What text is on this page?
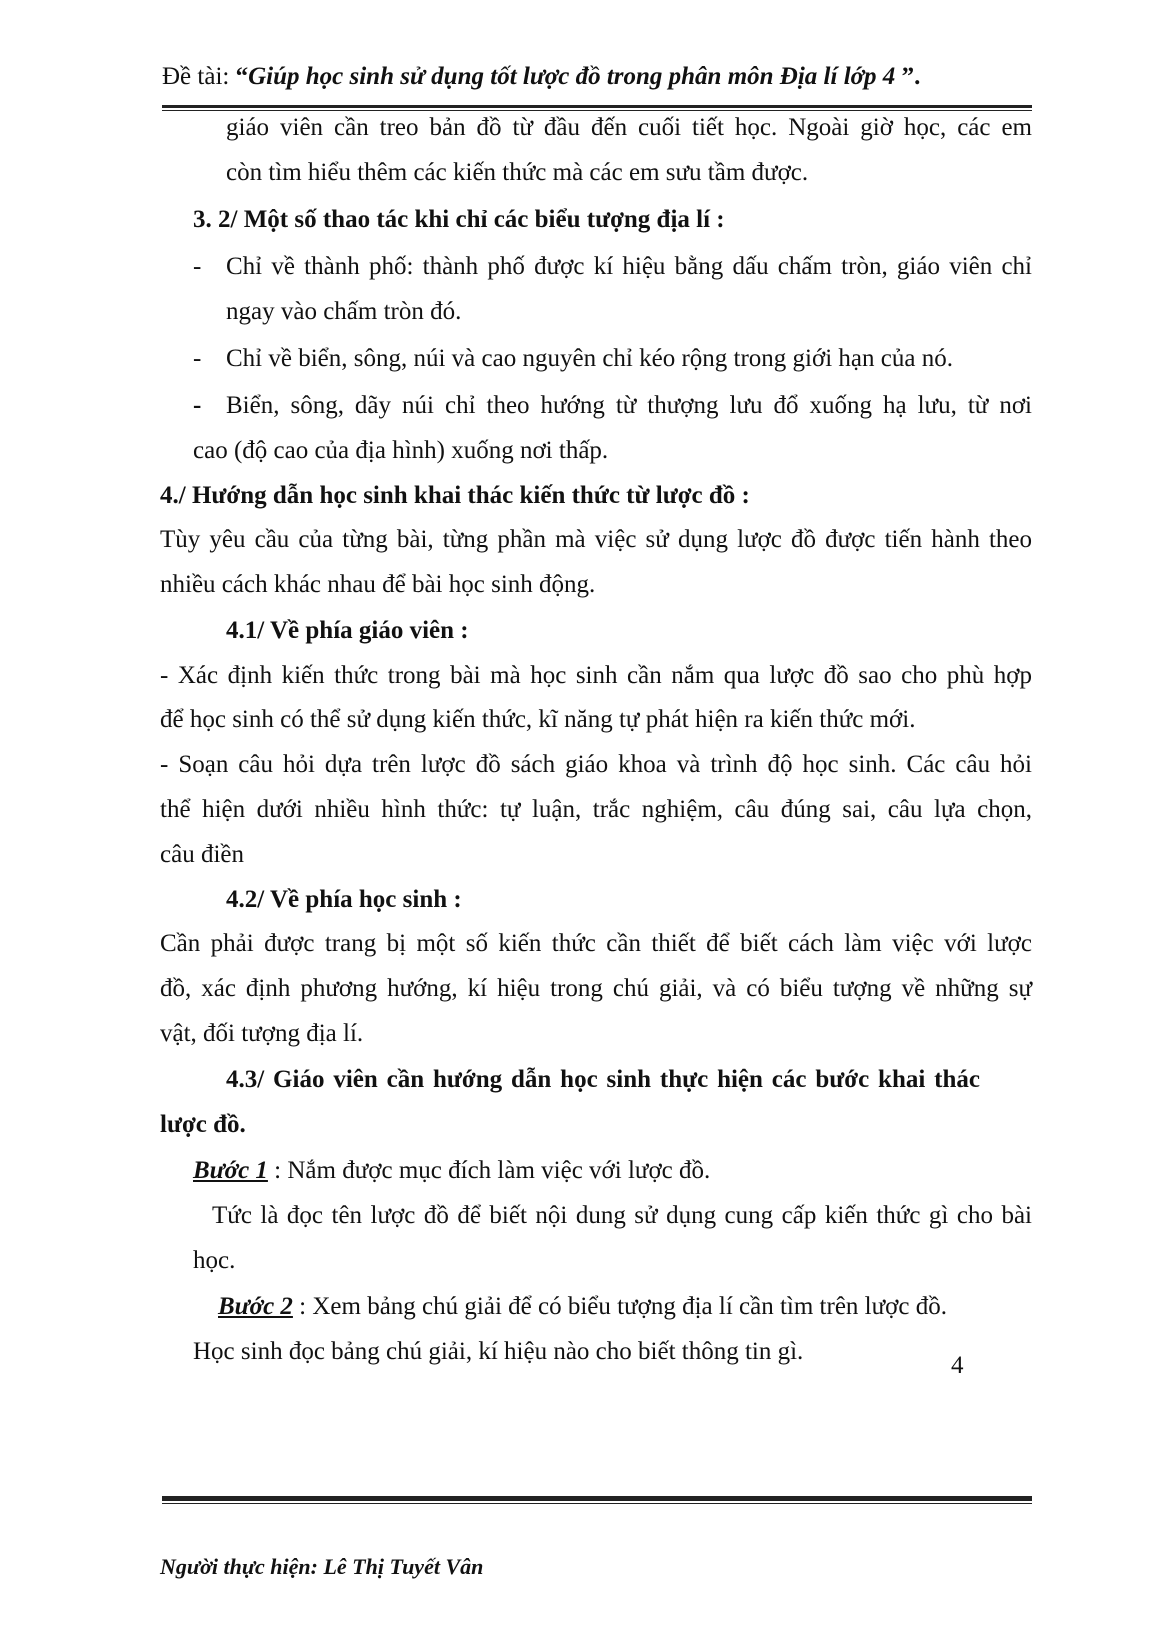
Đề tài: “Giúp học sinh sử dụng tốt lược đồ trong phân môn Địa lí lớp 4 ”.
giáo viên cần treo bản đồ từ đầu đến cuối tiết học. Ngoài giờ học, các em
còn tìm hiểu thêm các kiến thức mà các em sưu tầm được.
3. 2/ Một số thao tác khi chỉ các biểu tượng địa lí :
- Chỉ về thành phố: thành phố được kí hiệu bằng dấu chấm tròn, giáo viên chỉ
ngay vào chấm tròn đó.
- Chỉ về biển, sông, núi và cao nguyên chỉ kéo rộng trong giới hạn của nó.
- Biển, sông, dãy núi chỉ theo hướng từ thượng lưu đổ xuống hạ lưu, từ nơi
cao (độ cao của địa hình) xuống nơi thấp.
4./ Hướng dẫn học sinh khai thác kiến thức từ lược đồ :
Tùy yêu cầu của từng bài, từng phần mà việc sử dụng lược đồ được tiến hành theo
nhiều cách khác nhau để bài học sinh động.
4.1/ Về phía giáo viên :
- Xác định kiến thức trong bài mà học sinh cần nắm qua lược đồ sao cho phù hợp
để học sinh có thể sử dụng kiến thức, kĩ năng tự phát hiện ra kiến thức mới.
- Soạn câu hỏi dựa trên lược đồ sách giáo khoa và trình độ học sinh. Các câu hỏi
thể hiện dưới nhiều hình thức: tự luận, trắc nghiệm, câu đúng sai, câu lựa chọn,
câu điền
4.2/ Về phía học sinh :
Cần phải được trang bị một số kiến thức cần thiết để biết cách làm việc với lược
đồ, xác định phương hướng, kí hiệu trong chú giải, và có biểu tượng về những sự
vật, đối tượng địa lí.
4.3/ Giáo viên cần hướng dẫn học sinh thực hiện các bước khai thác
lược đồ.
Bước 1 : Nắm được mục đích làm việc với lược đồ.
Tức là đọc tên lược đồ để biết nội dung sử dụng cung cấp kiến thức gì cho bài
học.
Bước 2 : Xem bảng chú giải để có biểu tượng địa lí cần tìm trên lược đồ.
Học sinh đọc bảng chú giải, kí hiệu nào cho biết thông tin gì.
4
Người thực hiện: Lê Thị Tuyết Vân
